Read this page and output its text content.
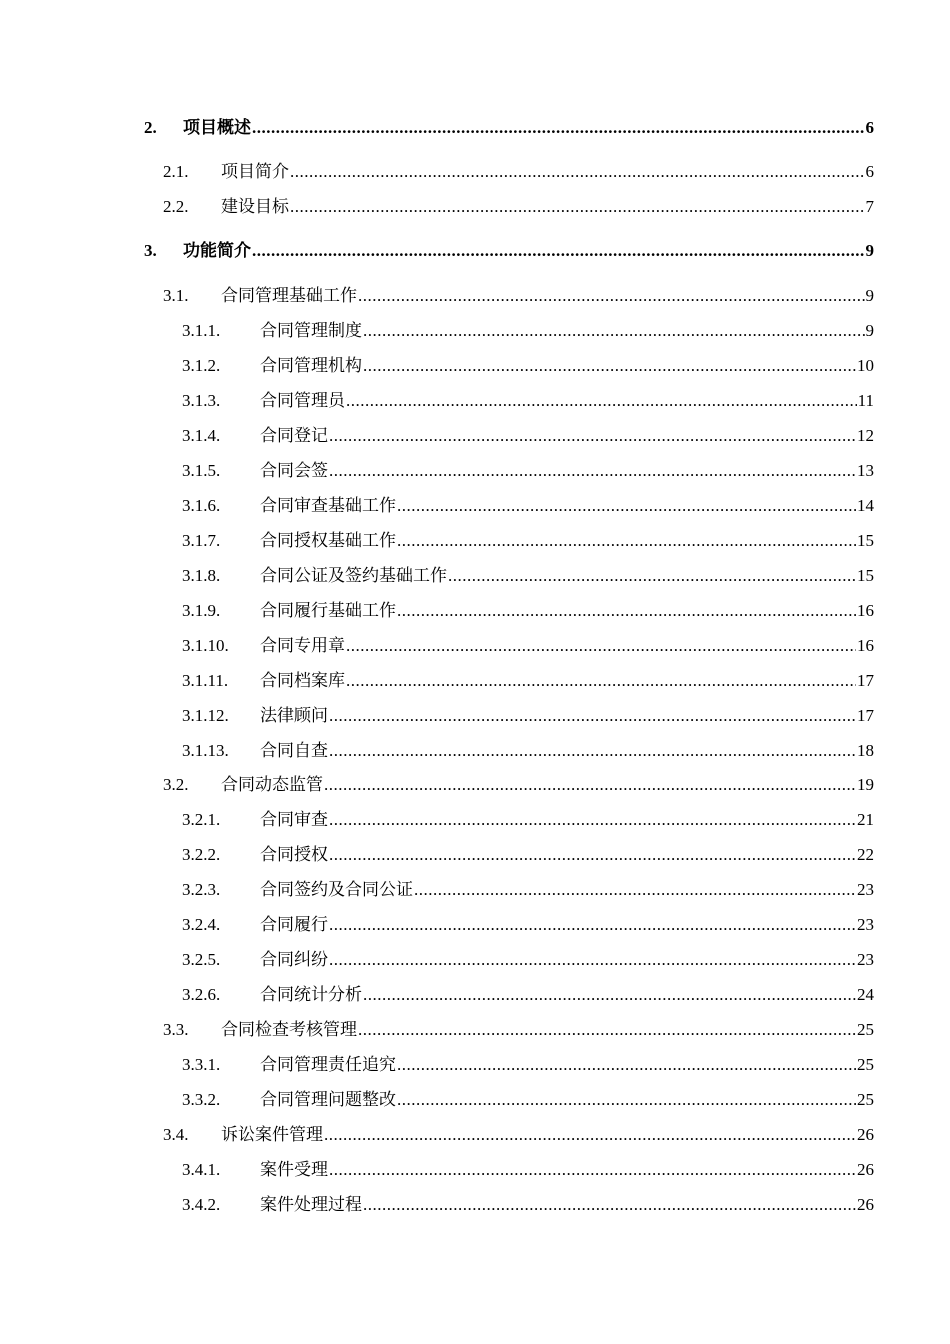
2.	项目概述 .....	6
2.1.	项目简介 .....	6
2.2.	建设目标 .....	7
3.	功能简介 .....	9
3.1.	合同管理基础工作 .....	9
3.1.1.	合同管理制度 .....	9
3.1.2.	合同管理机构 .....	10
3.1.3.	合同管理员 .....	11
3.1.4.	合同登记 .....	12
3.1.5.	合同会签 .....	13
3.1.6.	合同审查基础工作 .....	14
3.1.7.	合同授权基础工作 .....	15
3.1.8.	合同公证及签约基础工作 .....	15
3.1.9.	合同履行基础工作 .....	16
3.1.10.	合同专用章 .....	16
3.1.11.	合同档案库 .....	17
3.1.12.	法律顾问 .....	17
3.1.13.	合同自查 .....	18
3.2.	合同动态监管 .....	19
3.2.1.	合同审查 .....	21
3.2.2.	合同授权 .....	22
3.2.3.	合同签约及合同公证 .....	23
3.2.4.	合同履行 .....	23
3.2.5.	合同纠纷 .....	23
3.2.6.	合同统计分析 .....	24
3.3.	合同检查考核管理 .....	25
3.3.1.	合同管理责任追究 .....	25
3.3.2.	合同管理问题整改 .....	25
3.4.	诉讼案件管理 .....	26
3.4.1.	案件受理 .....	26
3.4.2.	案件处理过程 .....	26
